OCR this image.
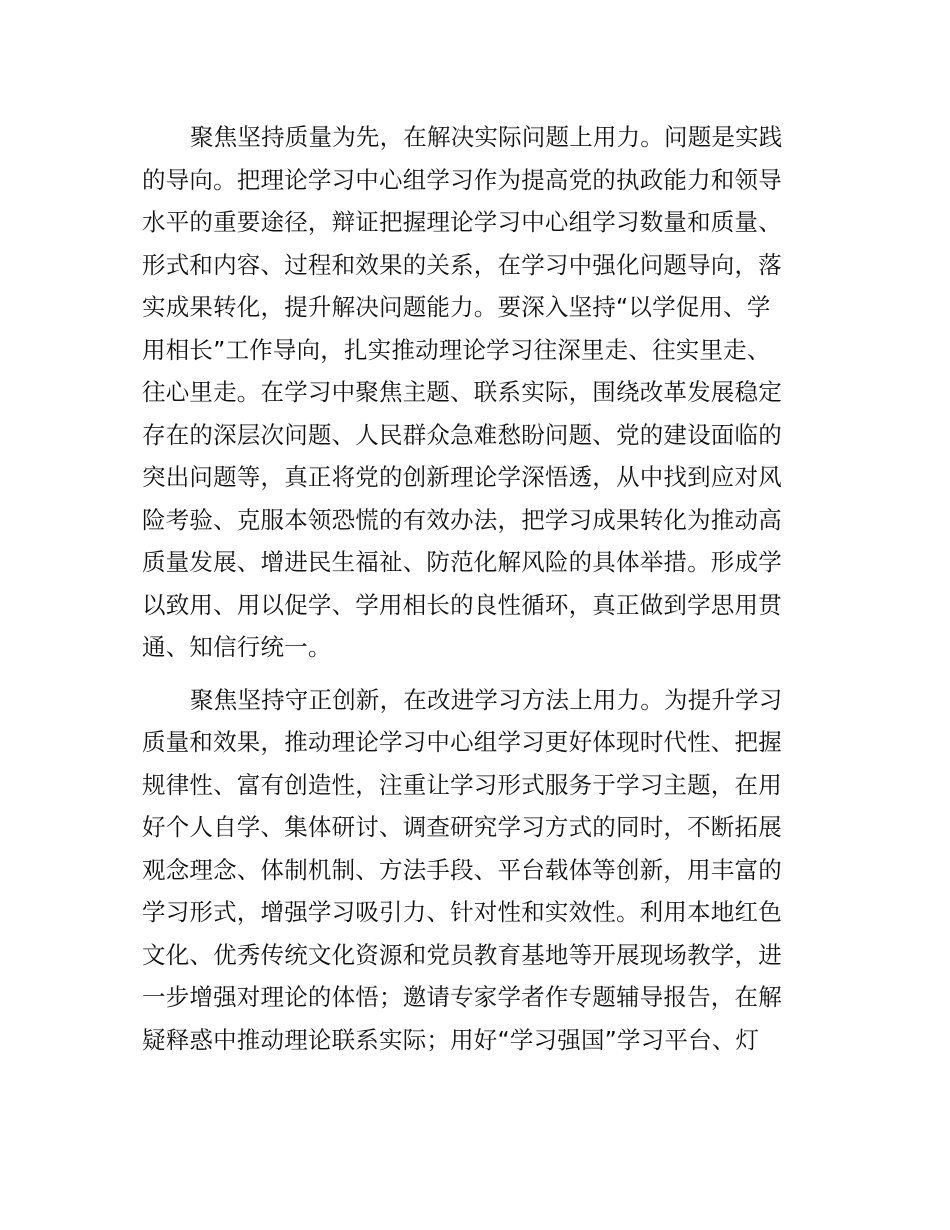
聚焦坚持质量为先，在解决实际问题上用力。问题是实践
的导向。把理论学习中心组学习作为提高党的执政能力和领导
水平的重要途径，辩证把握理论学习中心组学习数量和质量、
形式和内容、过程和效果的关系，在学习中强化问题导向，落
实成果转化，提升解决问题能力。要深入坚持“以学促用、学
用相长”工作导向，扎实推动理论学习往深里走、往实里走、
往心里走。在学习中聚焦主题、联系实际，围绕改革发展稳定
存在的深层次问题、人民群众急难愁盼问题、党的建设面临的
突出问题等，真正将党的创新理论学深悟透，从中找到应对风
险考验、克服本领恐慌的有效办法，把学习成果转化为推动高
质量发展、增进民生福祉、防范化解风险的具体举措。形成学
以致用、用以促学、学用相长的良性循环，真正做到学思用贯
通、知信行统一。
聚焦坚持守正创新，在改进学习方法上用力。为提升学习
质量和效果，推动理论学习中心组学习更好体现时代性、把握
规律性、富有创造性，注重让学习形式服务于学习主题，在用
好个人自学、集体研讨、调查研究学习方式的同时，不断拓展
观念理念、体制机制、方法手段、平台载体等创新，用丰富的
学习形式，增强学习吸引力、针对性和实效性。利用本地红色
文化、优秀传统文化资源和党员教育基地等开展现场教学，进
一步增强对理论的体悟；邀请专家学者作专题辅导报告，在解
疑释惑中推动理论联系实际；用好“学习强国”学习平台、灯
